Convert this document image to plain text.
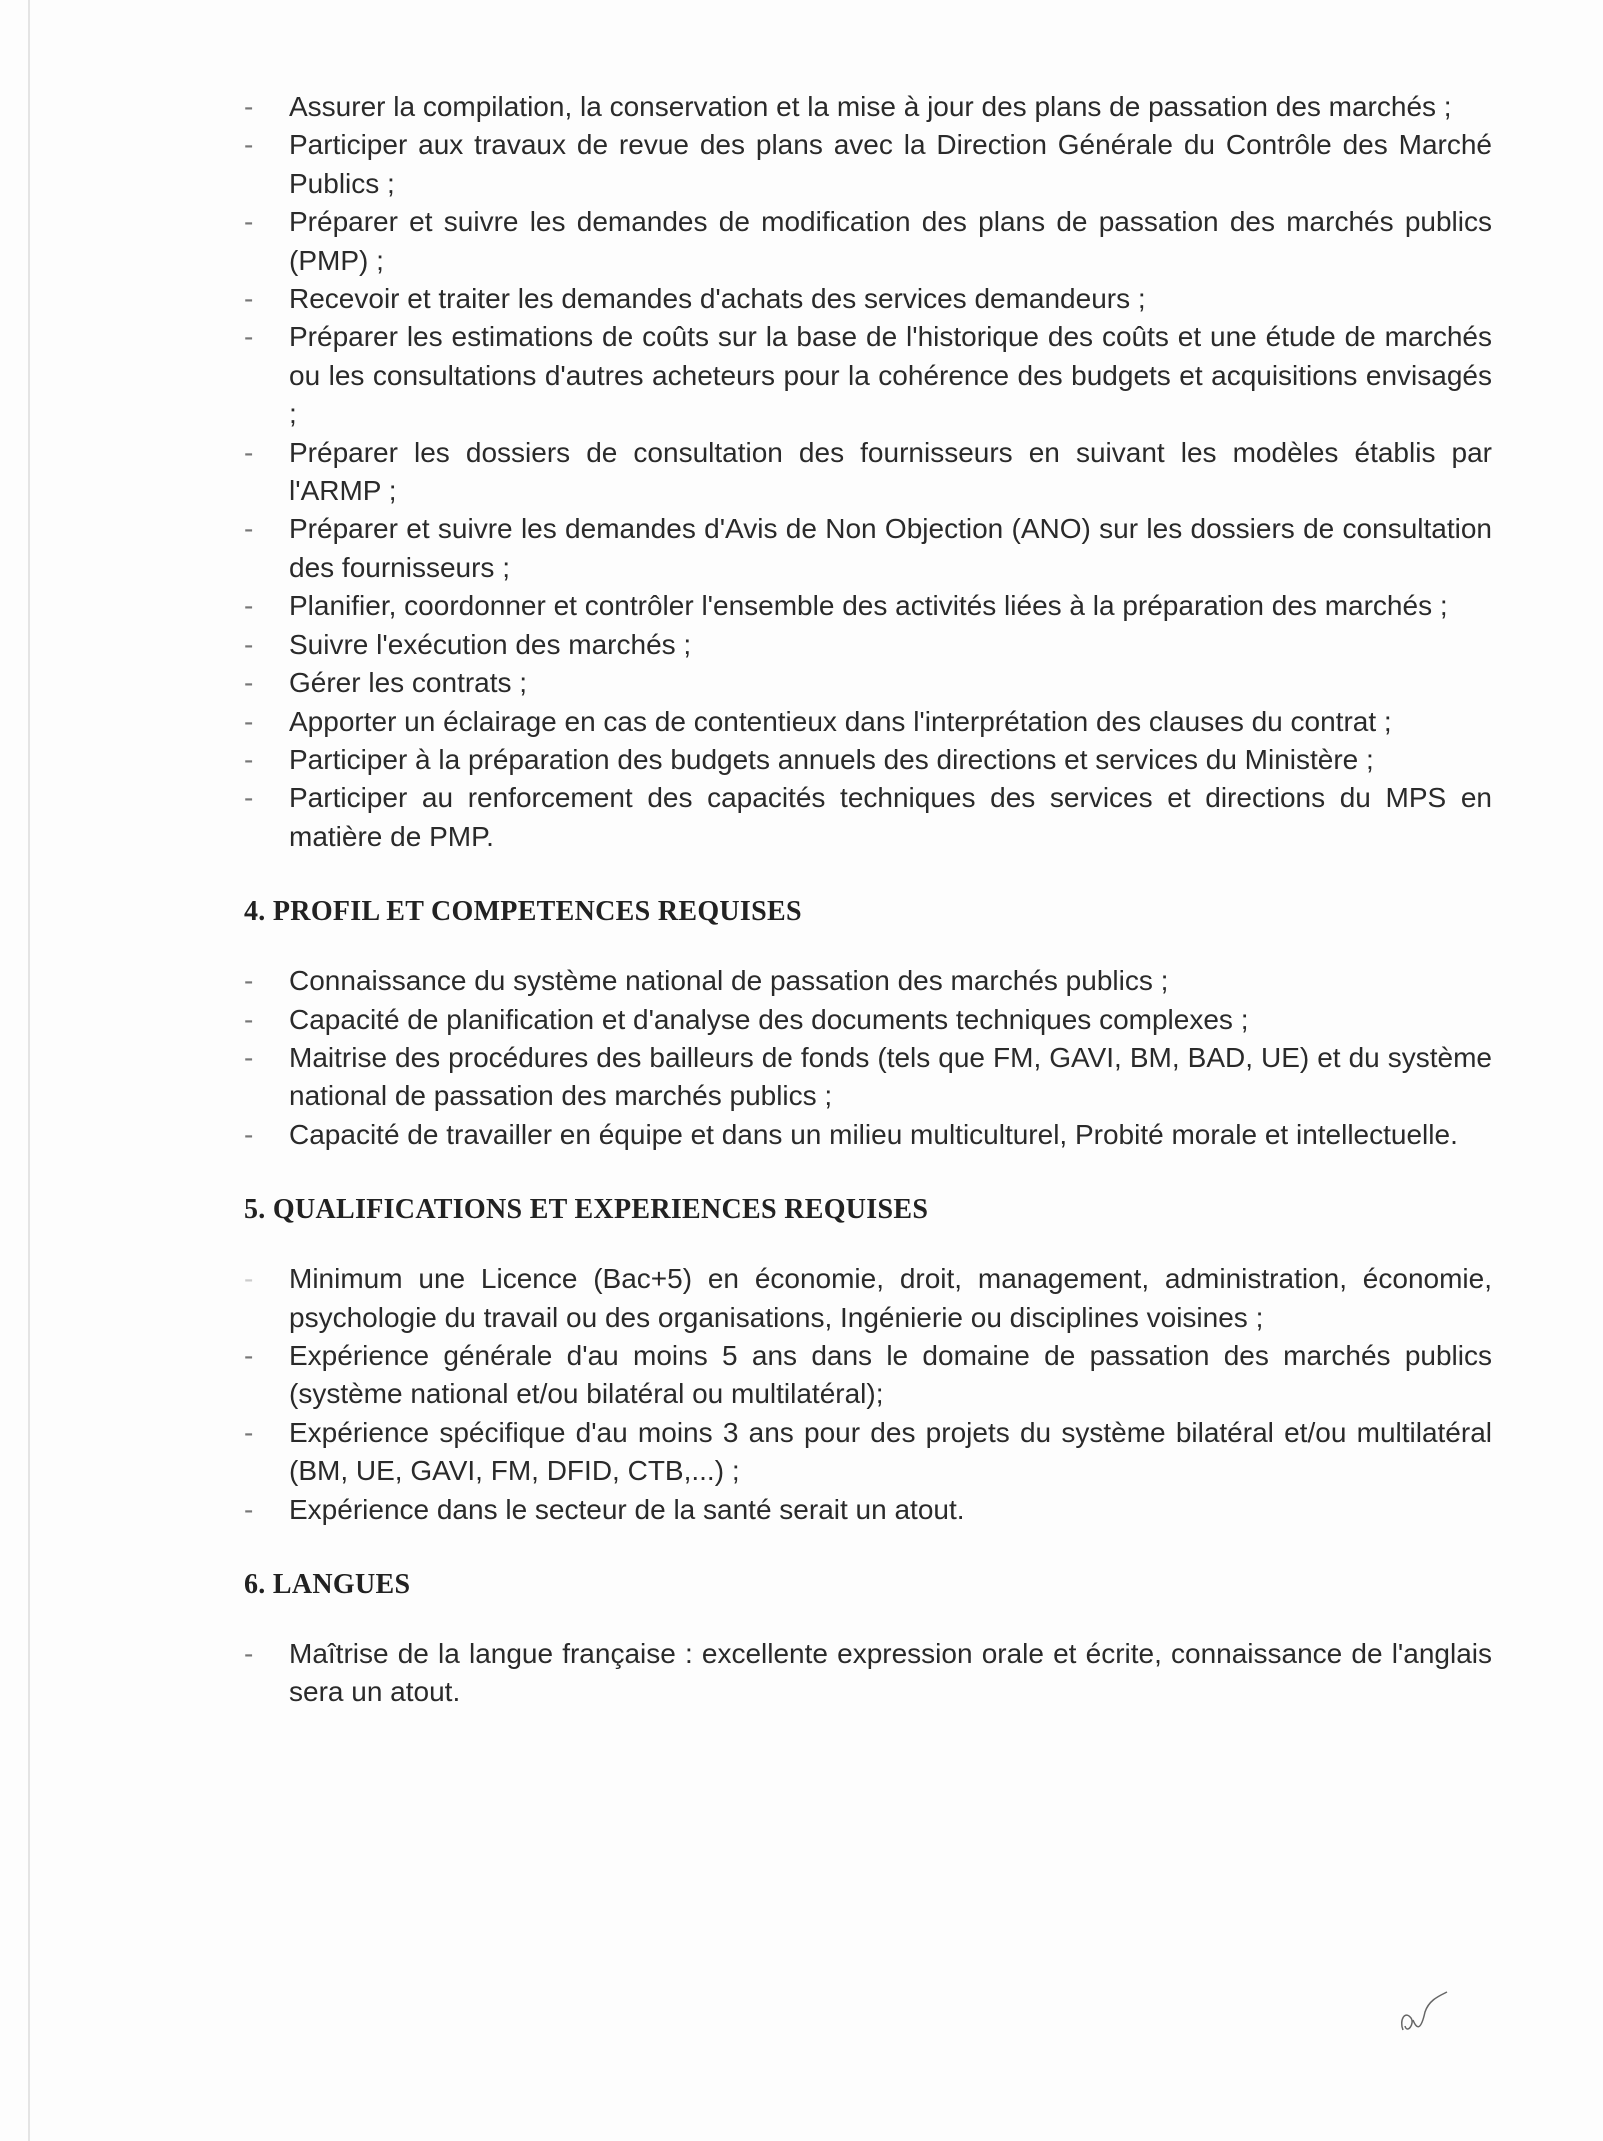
- Assurer la compilation, la conservation et la mise à jour des plans de passation des marchés ;
- Participer aux travaux de revue des plans avec la Direction Générale du Contrôle des Marché Publics ;
- Préparer et suivre les demandes de modification des plans de passation des marchés publics (PMP) ;
- Recevoir et traiter les demandes d'achats des services demandeurs ;
- Préparer les estimations de coûts sur la base de l'historique des coûts et une étude de marchés ou les consultations d'autres acheteurs pour la cohérence des budgets et acquisitions envisagés ;
- Préparer les dossiers de consultation des fournisseurs en suivant les modèles établis par l'ARMP ;
- Préparer et suivre les demandes d'Avis de Non Objection (ANO) sur les dossiers de consultation des fournisseurs ;
- Planifier, coordonner et contrôler l'ensemble des activités liées à la préparation des marchés ;
- Suivre l'exécution des marchés ;
- Gérer les contrats ;
- Apporter un éclairage en cas de contentieux dans l'interprétation des clauses du contrat ;
- Participer à la préparation des budgets annuels des directions et services du Ministère ;
- Participer au renforcement des capacités techniques des services et directions du MPS en matière de PMP.
4. PROFIL ET COMPETENCES REQUISES
- Connaissance du système national de passation des marchés publics ;
- Capacité de planification et d'analyse des documents techniques complexes ;
- Maitrise des procédures des bailleurs de fonds (tels que FM, GAVI, BM, BAD, UE) et du système national de passation des marchés publics ;
- Capacité de travailler en équipe et dans un milieu multiculturel, Probité morale et intellectuelle.
5. QUALIFICATIONS ET EXPERIENCES REQUISES
- Minimum une Licence (Bac+5) en économie, droit, management, administration, économie, psychologie du travail ou des organisations, Ingénierie ou disciplines voisines ;
- Expérience générale d'au moins 5 ans dans le domaine de passation des marchés publics (système national et/ou bilatéral ou multilatéral);
- Expérience spécifique d'au moins 3 ans pour des projets du système bilatéral et/ou multilatéral (BM, UE, GAVI, FM, DFID, CTB,...) ;
- Expérience dans le secteur de la santé serait un atout.
6. LANGUES
- Maîtrise de la langue française : excellente expression orale et écrite, connaissance de l'anglais sera un atout.
